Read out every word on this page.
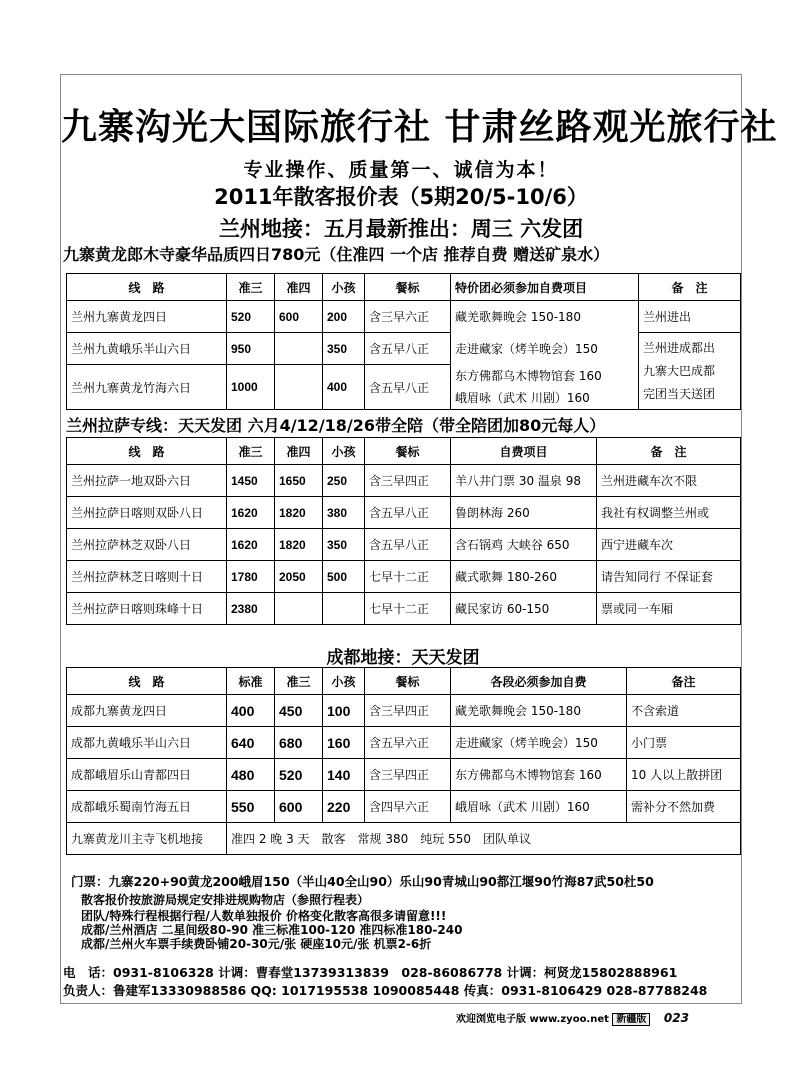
九寨沟光大国际旅行社 甘肃丝路观光旅行社
专业操作、质量第一、诚信为本！
2011年散客报价表（5期20/5-10/6）
兰州地接：五月最新推出：周三 六发团
九寨黄龙郎木寺豪华品质四日780元（住准四 一个店 推荐自费 赠送矿泉水）
线　路	准三	准四	小孩	餐标	特价团必须参加自费项目	备　注
兰州九寨黄龙四日	520	600	200	含三早六正	藏羌歌舞晚会 150-180	兰州进出
兰州九黄峨乐半山六日	950		350	含五早八正	走进藏家（烤羊晚会）150	兰州进成都出
九寨大巴成都
完团当天送团

兰州九寨黄龙竹海六日	1000		400	含五早八正	东方佛都乌木博物馆套 160
峨眉咏（武术 川剧）160	
兰州拉萨专线：天天发团 六月4/12/18/26带全陪（带全陪团加80元每人）
线　路	准三	准四	小孩	餐标	自费项目	备　注
兰州拉萨一地双卧六日	1450	1650	250	含三早四正	羊八井门票 30 温泉 98	兰州进藏车次不限
兰州拉萨日喀则双卧八日	1620	1820	380	含五早八正	鲁朗林海 260	我社有权调整兰州或
兰州拉萨林芝双卧八日	1620	1820	350	含五早八正	含石锅鸡 大峡谷 650	西宁进藏车次
兰州拉萨林芝日喀则十日	1780	2050	500	七早十二正	藏式歌舞 180-260	请告知同行 不保证套
兰州拉萨日喀则珠峰十日	2380			七早十二正	藏民家访 60-150	票或同一车厢
成都地接：天天发团
线　路	标准	准三	小孩	餐标	各段必须参加自费	备注
成都九寨黄龙四日	400	450	100	含三早四正	藏羌歌舞晚会 150-180	不含索道
成都九黄峨乐半山六日	640	680	160	含五早六正	走进藏家（烤羊晚会）150	小门票
成都峨眉乐山青都四日	480	520	140	含三早四正	东方佛都乌木博物馆套 160	10 人以上散拼团
成都峨乐蜀南竹海五日	550	600	220	含四早六正	峨眉咏（武术 川剧）160	需补分不然加费
九寨黄龙川主寺飞机地接	准四 2 晚 3 天　散客　常规 380　纯玩 550　团队单议					
门票：九寨220+90黄龙200峨眉150（半山40全山90）乐山90青城山90都江堰90竹海87武50杜50
散客报价按旅游局规定安排进规购物店（参照行程表）
团队/特殊行程根据行程/人数单独报价 价格变化散客高很多请留意!!!
成都/兰州酒店 二星间级80-90 准三标准100-120 准四标准180-240
成都/兰州火车票手续费卧铺20-30元/张 硬座10元/张 机票2-6折
电　话：0931-8106328 计调：曹春堂13739313839　028-86086778 计调：柯贤龙15802888961
负责人：鲁建军13330988586 QQ: 1017195538 1090085448 传真：0931-8106429 028-87788248
欢迎浏览电子版 www.zyoo.net 新疆版 023
